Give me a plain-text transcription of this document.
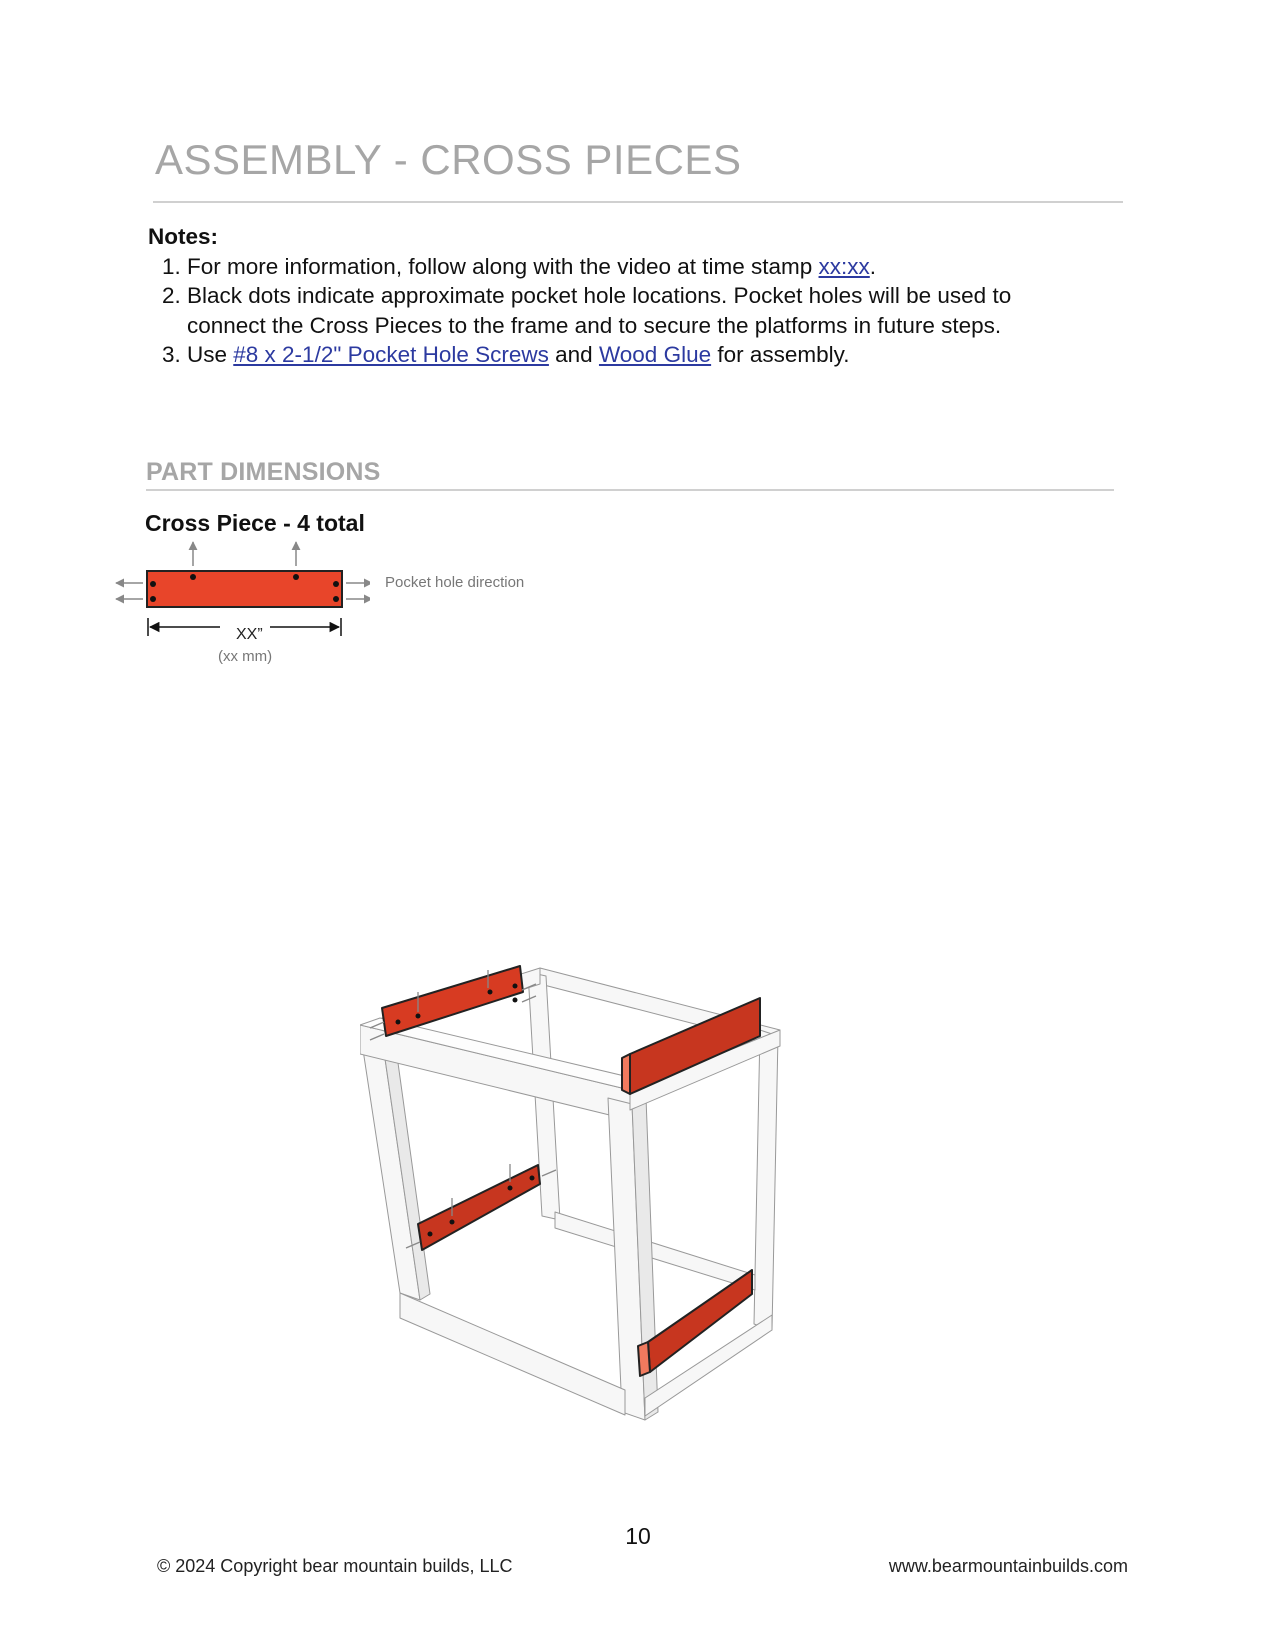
ASSEMBLY - CROSS PIECES

Notes:

1. For more information, follow along with the video at time stamp xx:xx.
2. Black dots indicate approximate pocket hole locations. Pocket holes will be used to connect the Cross Pieces to the frame and to secure the platforms in future steps.
3. Use #8 x 2-1/2" Pocket Hole Screws and Wood Glue for assembly.
PART DIMENSIONS
Cross Piece - 4 total
Pocket hole direction
XX”
(xx mm)
10
© 2024 Copyright bear mountain builds, LLC	www.bearmountainbuilds.com
